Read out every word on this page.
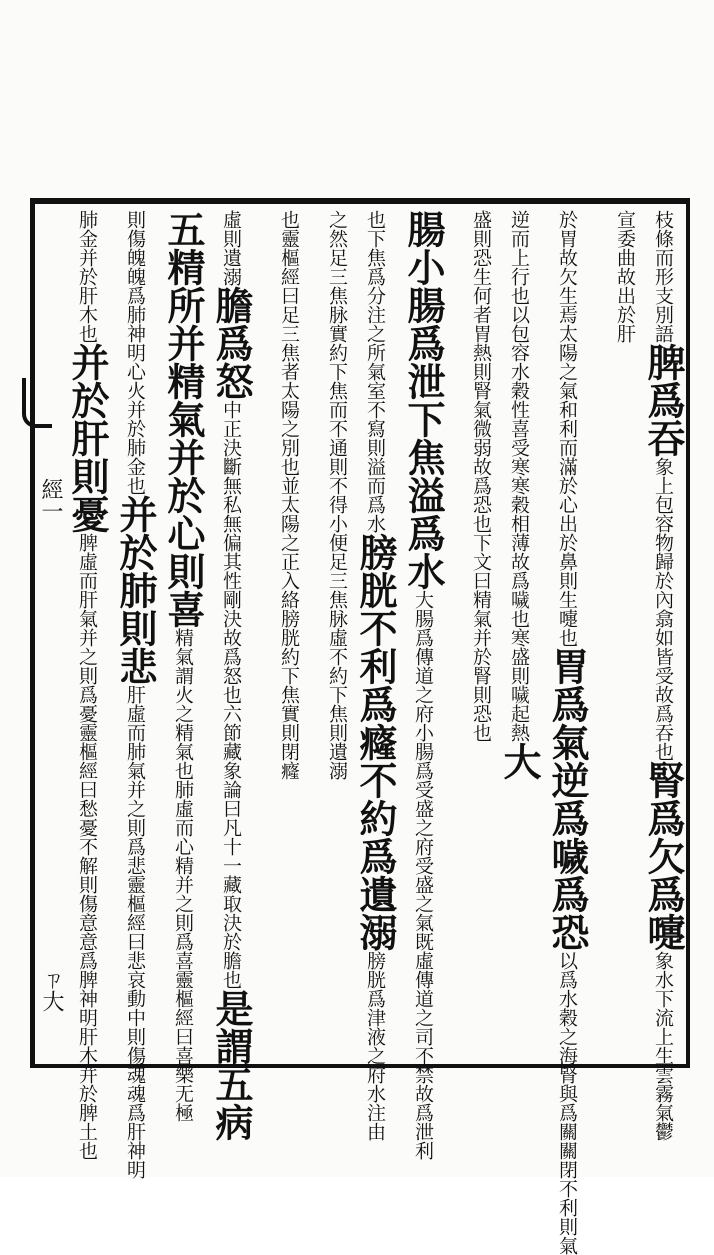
經一
ㄗ大
枝條而形支別語脾爲吞象上包容物歸於內翕如皆受故爲吞也腎爲欠爲嚏象水下流上生雲霧氣鬱
宣委曲故出於肝
於胃故欠生焉太陽之氣和利而滿於心出於鼻則生嚏也胃爲氣逆爲噦爲恐以爲水穀之海腎與爲關關閉不利則氣
逆而上行也以包容水穀性喜受寒寒穀相薄故爲噦也寒盛則噦起熱大
盛則恐生何者胃熱則腎氣微弱故爲恐也下文曰精氣并於腎則恐也
腸小腸爲泄下焦溢爲水大腸爲傳道之府小腸爲受盛之府受盛之氣既虛傳道之司不禁故爲泄利
也下焦爲分注之所氣室不寫則溢而爲水膀胱不利爲癃不約爲遺溺膀胱爲津液之府水注由
之然足三焦脉實約下焦而不通則不得小便足三焦脉虛不約下焦則遺溺
也靈樞經曰足三焦者太陽之別也並太陽之正入絡膀胱約下焦實則閉癃
虛則遺溺膽爲怒中正決斷無私無偏其性剛決故爲怒也六節藏象論曰凡十一藏取決於膽也是謂五病
五精所并精氣并於心則喜精氣謂火之精氣也肺虛而心精并之則爲喜靈樞經曰喜樂无極
則傷魄魄爲肺神明心火并於肺金也并於肺則悲肝虛而肺氣并之則爲悲靈樞經曰悲哀動中則傷魂魂爲肝神明
肺金并於肝木也并於肝則憂脾虛而肝氣并之則爲憂靈樞經曰愁憂不解則傷意意爲脾神明肝木并於脾土也
